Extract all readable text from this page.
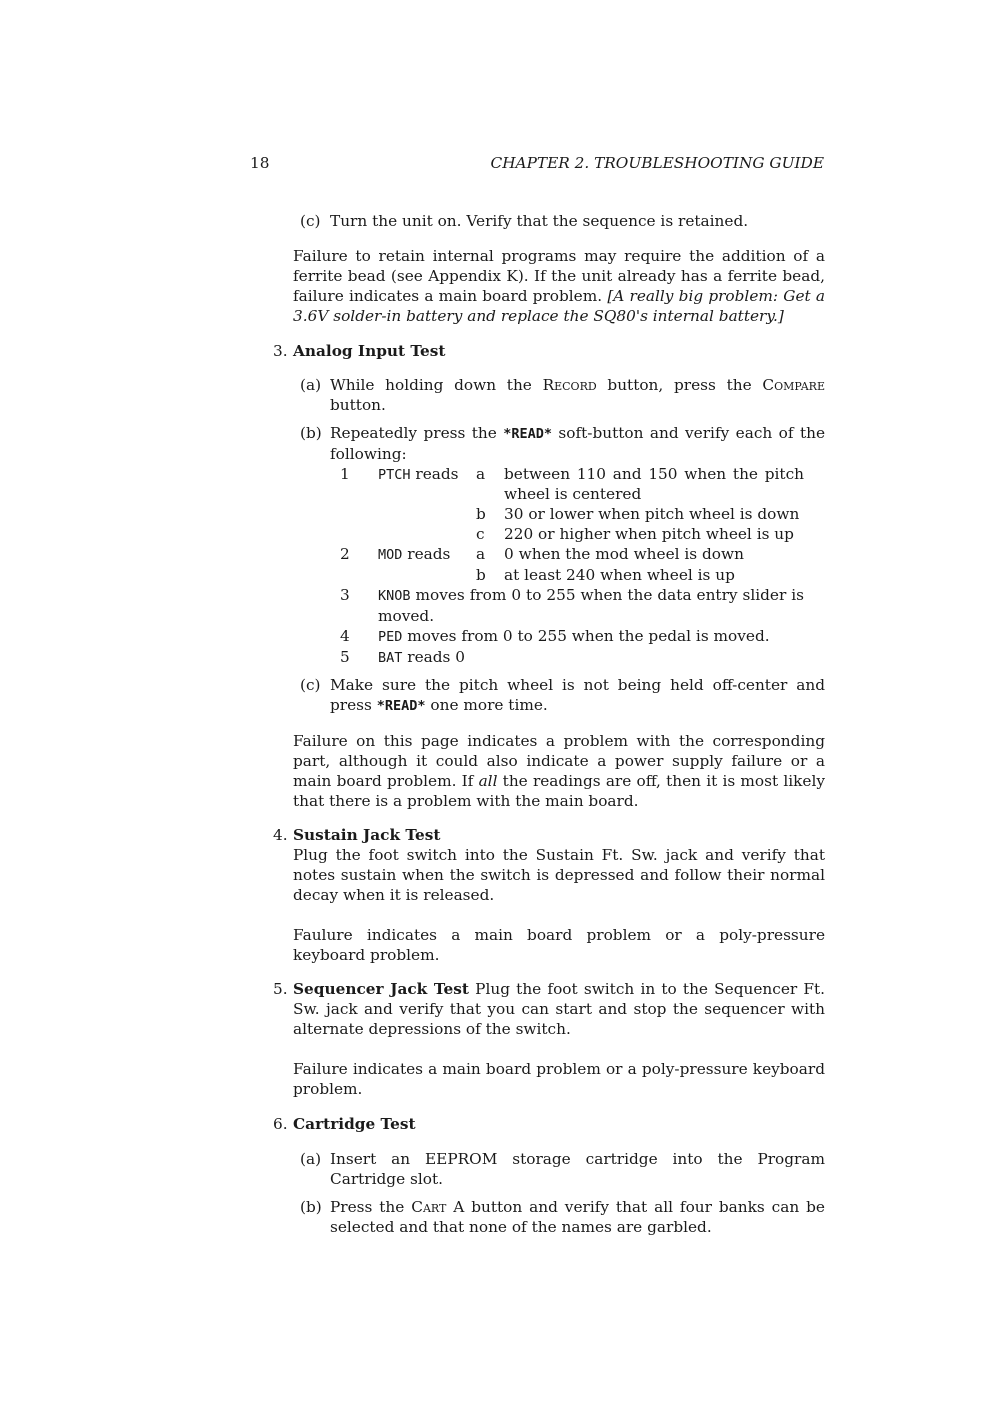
18	CHAPTER 2. TROUBLESHOOTING GUIDE
(c) Turn the unit on. Verify that the sequence is retained.

Failure to retain internal programs may require the addition of a ferrite bead (see Appendix K). If the unit already has a ferrite bead, failure indicates a main board problem. [A really big problem: Get a 3.6V solder-in battery and replace the SQ80's internal battery.]

3. Analog Input Test
(a) While holding down the Record button, press the Compare button.
(b) Repeatedly press the *READ* soft-button and verify each of the following:
1	PTCH reads	a	between 110 and 150 when the pitch wheel is centered
		b	30 or lower when pitch wheel is down
		c	220 or higher when pitch wheel is up
2	MOD reads	a	0 when the mod wheel is down
		b	at least 240 when wheel is up
3	KNOB moves from 0 to 255 when the data entry slider is moved.		
4	PED moves from 0 to 255 when the pedal is moved.		
5	BAT reads 0		
(c) Make sure the pitch wheel is not being held off-center and press *READ* one more time.

Failure on this page indicates a problem with the corresponding part, although it could also indicate a power supply failure or a main board problem. If all the readings are off, then it is most likely that there is a problem with the main board.

4. Sustain Jack Test
Plug the foot switch into the Sustain Ft. Sw. jack and verify that notes sustain when the switch is depressed and follow their normal decay when it is released.

Faulure indicates a main board problem or a poly-pressure keyboard problem.

5. Sequencer Jack Test Plug the foot switch in to the Sequencer Ft. Sw. jack and verify that you can start and stop the sequencer with alternate depressions of the switch.

Failure indicates a main board problem or a poly-pressure keyboard problem.

6. Cartridge Test
(a) Insert an EEPROM storage cartridge into the Program Cartridge slot.
(b) Press the Cart A button and verify that all four banks can be selected and that none of the names are garbled.
